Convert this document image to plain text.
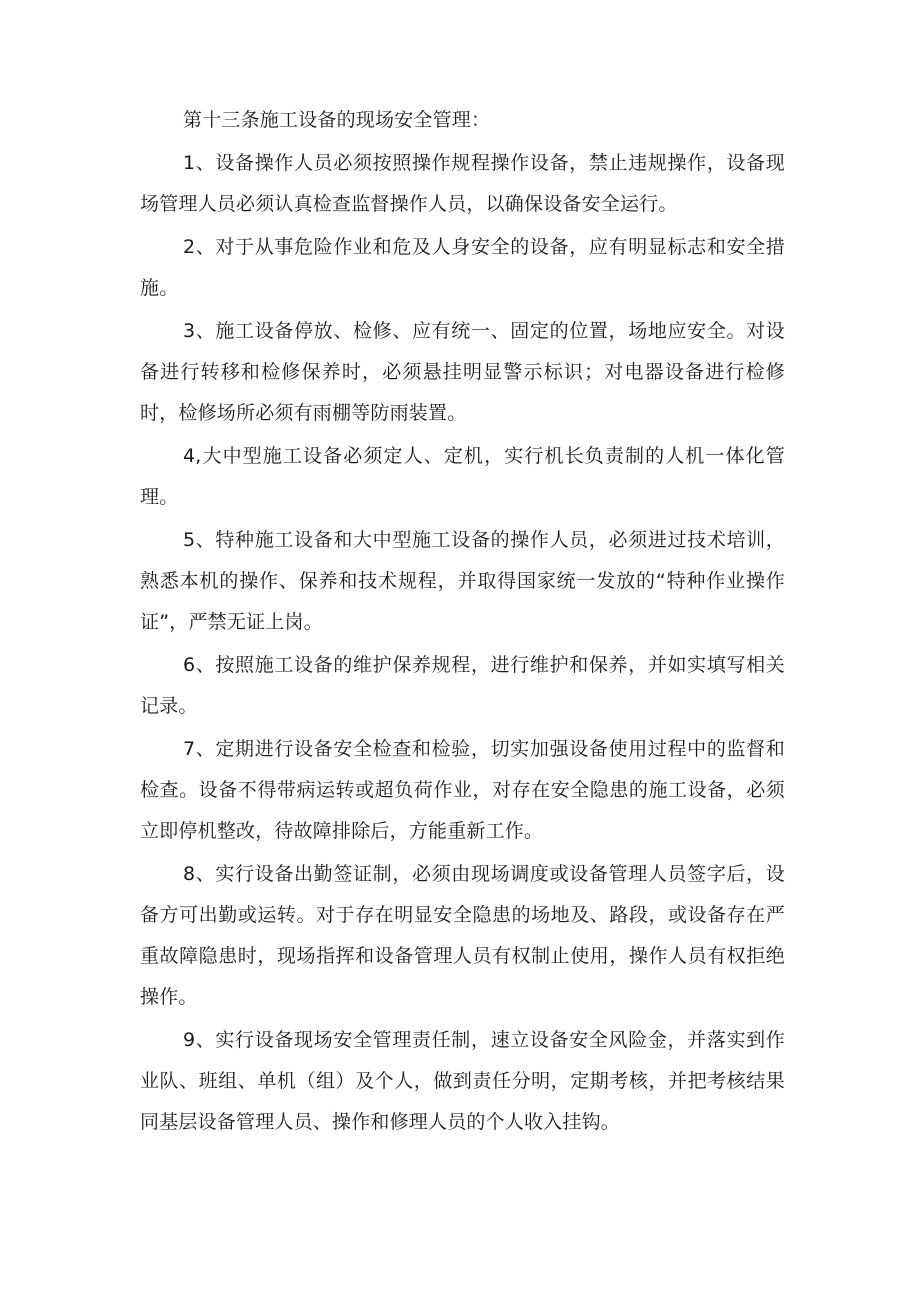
第十三条施工设备的现场安全管理：

1、设备操作人员必须按照操作规程操作设备，禁止违规操作，设备现场管理人员必须认真检查监督操作人员，以确保设备安全运行。

2、对于从事危险作业和危及人身安全的设备，应有明显标志和安全措施。

3、施工设备停放、检修、应有统一、固定的位置，场地应安全。对设备进行转移和检修保养时，必须悬挂明显警示标识；对电器设备进行检修时，检修场所必须有雨棚等防雨装置。

4,大中型施工设备必须定人、定机，实行机长负责制的人机一体化管理。

5、特种施工设备和大中型施工设备的操作人员，必须进过技术培训，熟悉本机的操作、保养和技术规程，并取得国家统一发放的“特种作业操作证”，严禁无证上岗。

6、按照施工设备的维护保养规程，进行维护和保养，并如实填写相关记录。

7、定期进行设备安全检查和检验，切实加强设备使用过程中的监督和检查。设备不得带病运转或超负荷作业，对存在安全隐患的施工设备，必须立即停机整改，待故障排除后，方能重新工作。

8、实行设备出勤签证制，必须由现场调度或设备管理人员签字后，设备方可出勤或运转。对于存在明显安全隐患的场地及、路段，或设备存在严重故障隐患时，现场指挥和设备管理人员有权制止使用，操作人员有权拒绝操作。

9、实行设备现场安全管理责任制，速立设备安全风险金，并落实到作业队、班组、单机（组）及个人，做到责任分明，定期考核，并把考核结果同基层设备管理人员、操作和修理人员的个人收入挂钩。
